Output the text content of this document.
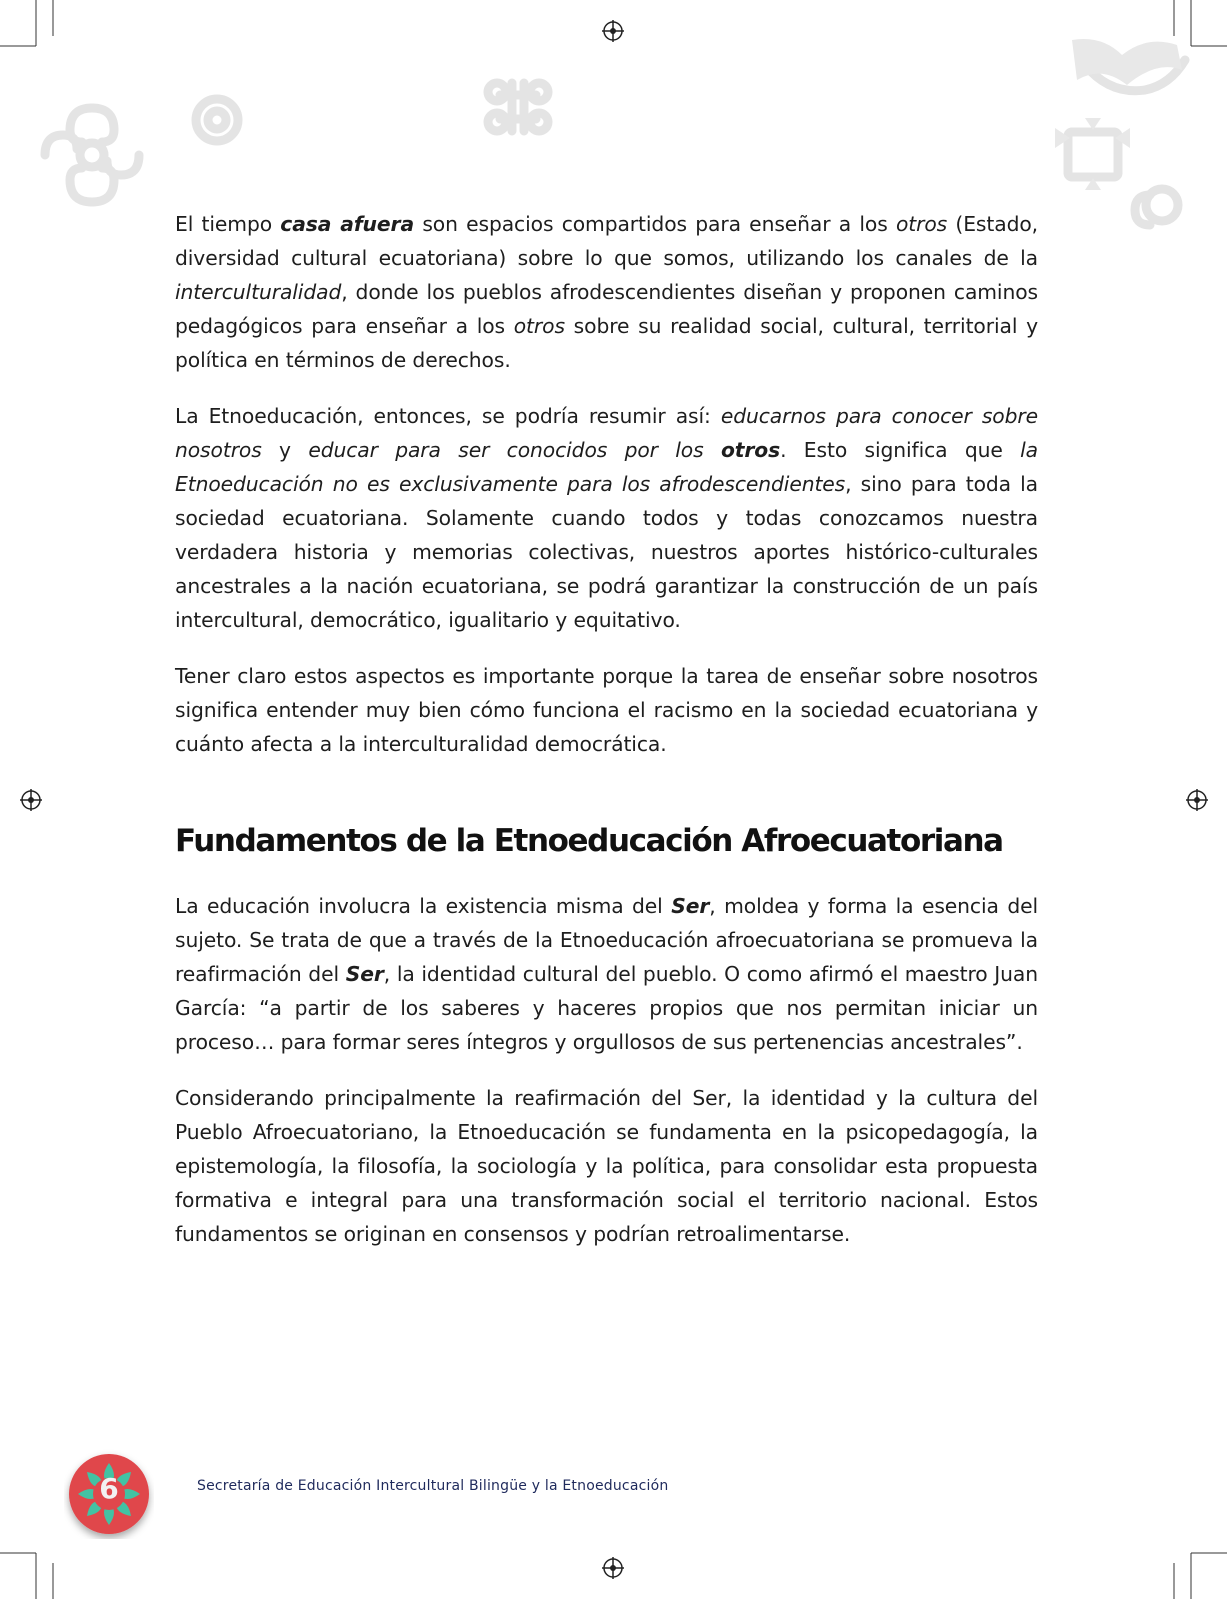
El tiempo casa afuera son espacios compartidos para enseñar a los otros (Estado, diversidad cultural ecuatoriana) sobre lo que somos, utilizando los canales de la interculturalidad, donde los pueblos afrodescendientes diseñan y proponen caminos pedagógicos para enseñar a los otros sobre su realidad social, cultural, territorial y política en términos de derechos.

La Etnoeducación, entonces, se podría resumir así: educarnos para conocer sobre nosotros y educar para ser conocidos por los otros. Esto significa que la Etnoeducación no es exclusivamente para los afrodescendientes, sino para toda la sociedad ecuatoriana. Solamente cuando todos y todas conozcamos nuestra verdadera historia y memorias colectivas, nuestros aportes histórico-culturales ancestrales a la nación ecuatoriana, se podrá garantizar la construcción de un país intercultural, democrático, igualitario y equitativo.

Tener claro estos aspectos es importante porque la tarea de enseñar sobre nosotros significa entender muy bien cómo funciona el racismo en la sociedad ecuatoriana y cuánto afecta a la interculturalidad democrática.

Fundamentos de la Etnoeducación Afroecuatoriana

La educación involucra la existencia misma del Ser, moldea y forma la esencia del sujeto. Se trata de que a través de la Etnoeducación afroecuatoriana se promueva la reafirmación del Ser, la identidad cultural del pueblo. O como afirmó el maestro Juan García: “a partir de los saberes y haceres propios que nos permitan iniciar un proceso… para formar seres íntegros y orgullosos de sus pertenencias ancestrales”.

Considerando principalmente la reafirmación del Ser, la identidad y la cultura del Pueblo Afroecuatoriano, la Etnoeducación se fundamenta en la psicopedagogía, la epistemología, la filosofía, la sociología y la política, para consolidar esta propuesta formativa e integral para una transformación social el territorio nacional. Estos fundamentos se originan en consensos y podrían retroalimentarse.

6	Secretaría de Educación Intercultural Bilingüe y la Etnoeducación
